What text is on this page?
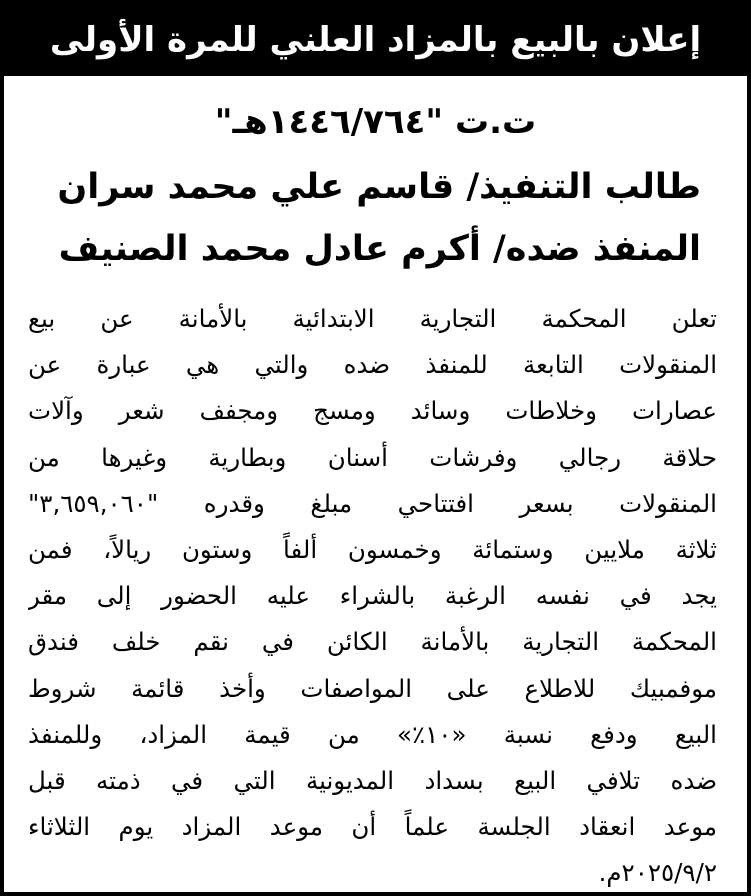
إعلان بالبيع بالمزاد العلني للمرة الأولى
ت.ت "١٤٤٦/٧٦٤هـ"
طالب التنفيذ/ قاسم علي محمد سران
المنفذ ضده/ أكرم عادل محمد الصنيف
تعلن المحكمة التجارية الابتدائية بالأمانة عن بيع
المنقولات التابعة للمنفذ ضده والتي هي عبارة عن
عصارات وخلاطات وسائد ومسج ومجفف شعر وآلات
حلاقة رجالي وفرشات أسنان وبطارية وغيرها من
المنقولات بسعر افتتاحي مبلغ وقدره "٣,٦٥٩,٠٦٠"
ثلاثة ملايين وستمائة وخمسون ألفاً وستون ريالاً، فمن
يجد في نفسه الرغبة بالشراء عليه الحضور إلى مقر
المحكمة التجارية بالأمانة الكائن في نقم خلف فندق
موفمبيك للاطلاع على المواصفات وأخذ قائمة شروط
البيع ودفع نسبة «١٠٪» من قيمة المزاد، وللمنفذ
ضده تلافي البيع بسداد المديونية التي في ذمته قبل
موعد انعقاد الجلسة علماً أن موعد المزاد يوم الثلاثاء
٢٠٢٥/٩/٢م.
